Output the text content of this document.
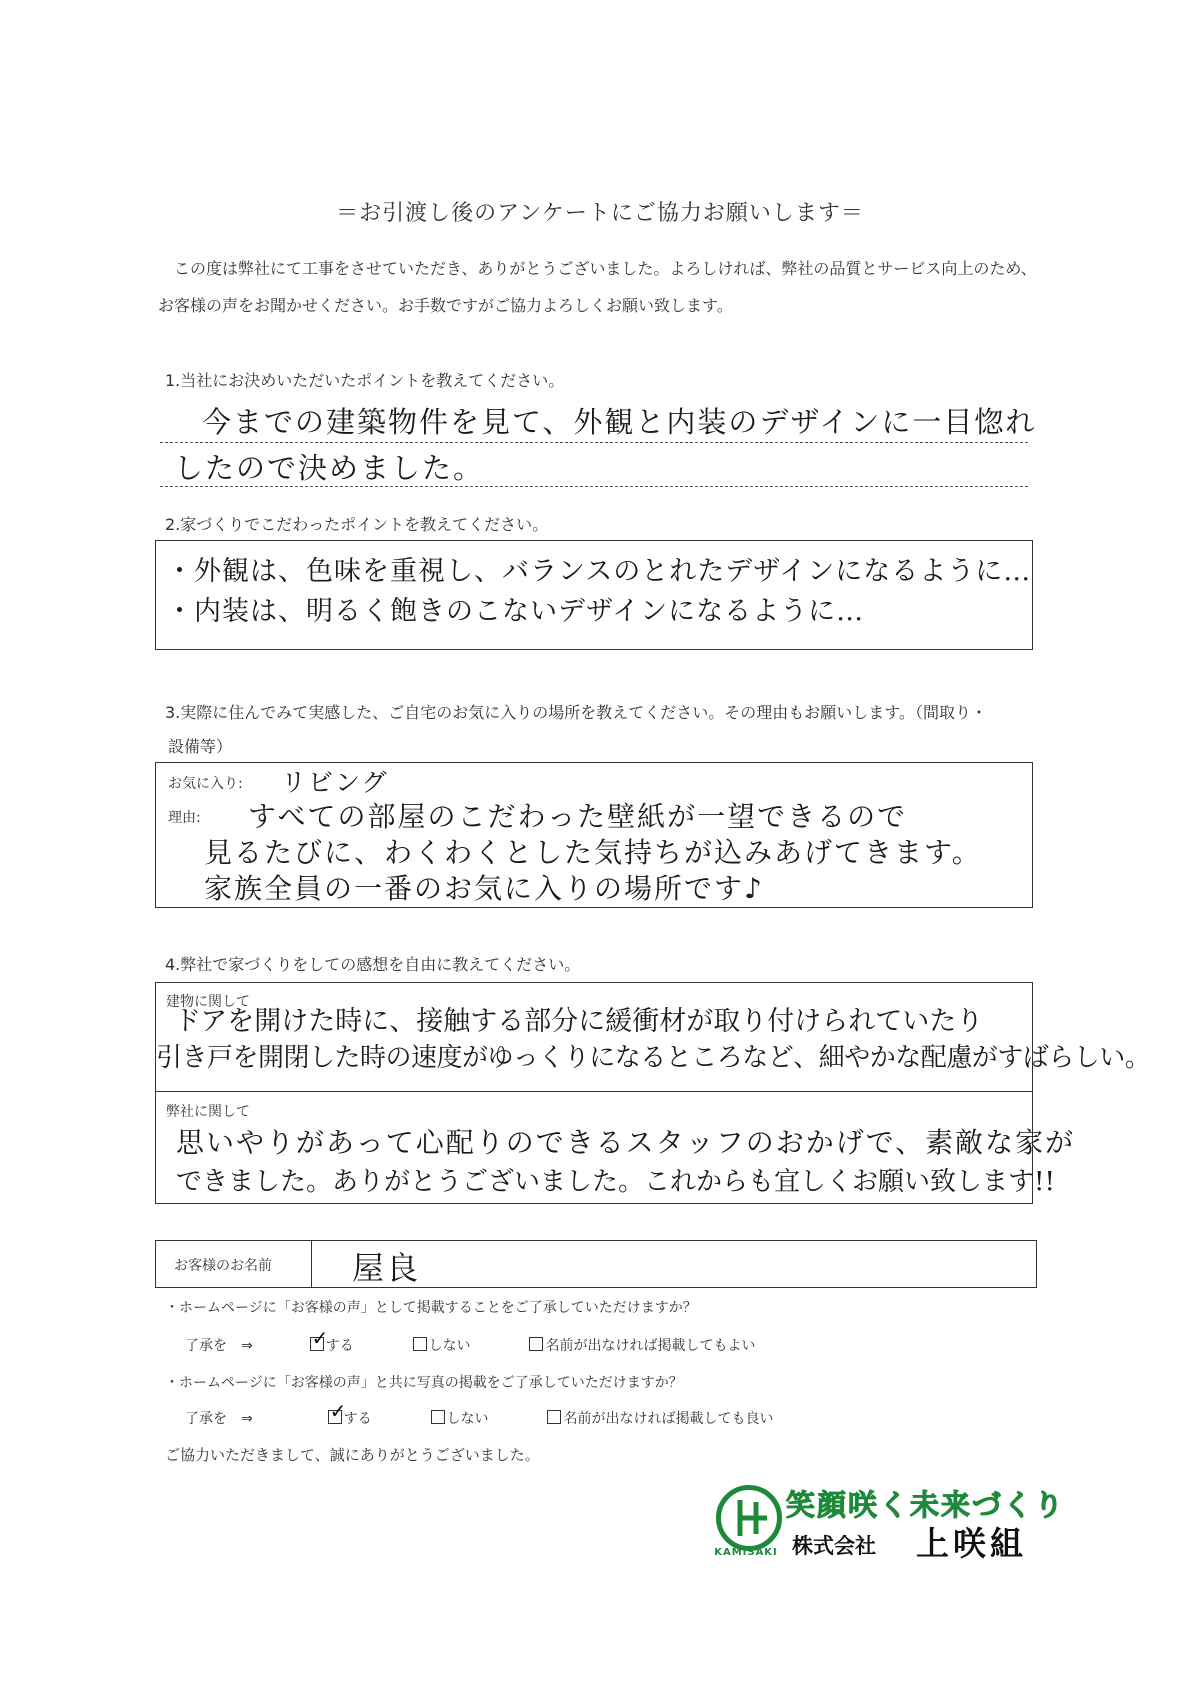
＝お引渡し後のアンケートにご協力お願いします＝
この度は弊社にて工事をさせていただき、ありがとうございました。よろしければ、弊社の品質とサービス向上のため、お客様の声をお聞かせください。お手数ですがご協力よろしくお願い致します。
1.当社にお決めいただいたポイントを教えてください。
今までの建築物件を見て、外観と内装のデザインに一目惚れ
したので決めました。
2.家づくりでこだわったポイントを教えてください。
・外観は、色味を重視し、バランスのとれたデザインになるように…
・内装は、明るく飽きのこないデザインになるように…
3.実際に住んでみて実感した、ご自宅のお気に入りの場所を教えてください。その理由もお願いします。（間取り・
設備等）
お気に入り: リビング
理由: すべての部屋のこだわった壁紙が一望できるので
見るたびに、わくわくとした気持ちが込みあげてきます。
家族全員の一番のお気に入りの場所です♪
4.弊社で家づくりをしての感想を自由に教えてください。
建物に関して
ドアを開けた時に、接触する部分に緩衝材が取り付けられていたり
引き戸を開閉した時の速度がゆっくりになるところなど、細やかな配慮がすばらしい。
弊社に関して
思いやりがあって心配りのできるスタッフのおかげで、素敵な家が
できました。ありがとうございました。これからも宜しくお願い致します!!
お客様のお名前	屋良
・ホームページに「お客様の声」として掲載することをご了承していただけますか？
了承を　⇒ ✓	する	しない	名前が出なければ掲載してもよい
・ホームページに「お客様の声」と共に写真の掲載をご了承していただけますか？
了承を　⇒ ✓	する	しない	名前が出なければ掲載しても良い
ご協力いただきまして、誠にありがとうございました。
KAMISAKI
笑顔咲く未来づくり
株式会社 上咲組
